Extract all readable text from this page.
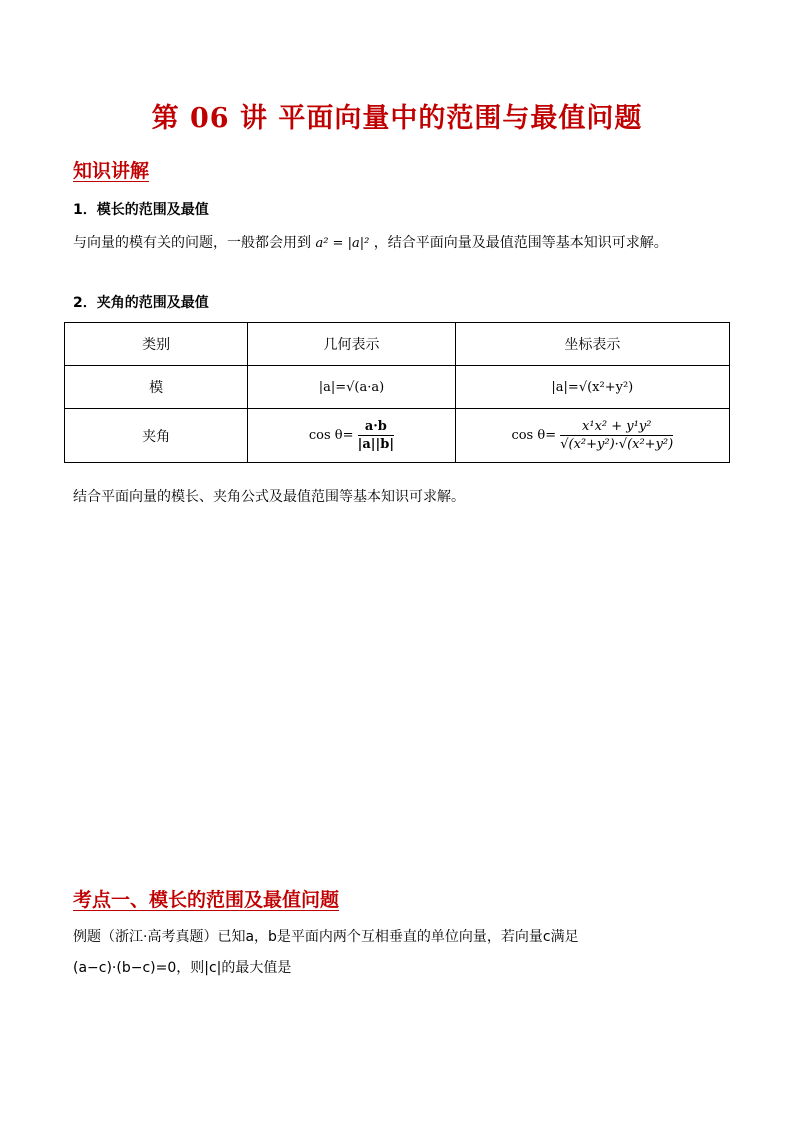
第 06 讲 平面向量中的范围与最值问题
知识讲解
1．模长的范围及最值
与向量的模有关的问题，一般都会用到 a² = |a|² ，结合平面向量及最值范围等基本知识可求解。
2．夹角的范围及最值
类别	几何表示	坐标表示
模	|a|=√(a·a)	|a|=√(x²+y²)
夹角	$\cos \theta= \frac{a\cdot b}{|a||b|}$	$\cos \theta= \frac{\text{x¹x² + y¹y²}}{\text{√(x²+y²)·√(x²+y²)}}$
结合平面向量的模长、夹角公式及最值范围等基本知识可求解。
考点一、模长的范围及最值问题
例题（浙江·高考真题）已知a，b是平面内两个互相垂直的单位向量，若向量c满足
(a−c)·(b−c)=0，则|c|的最大值是
